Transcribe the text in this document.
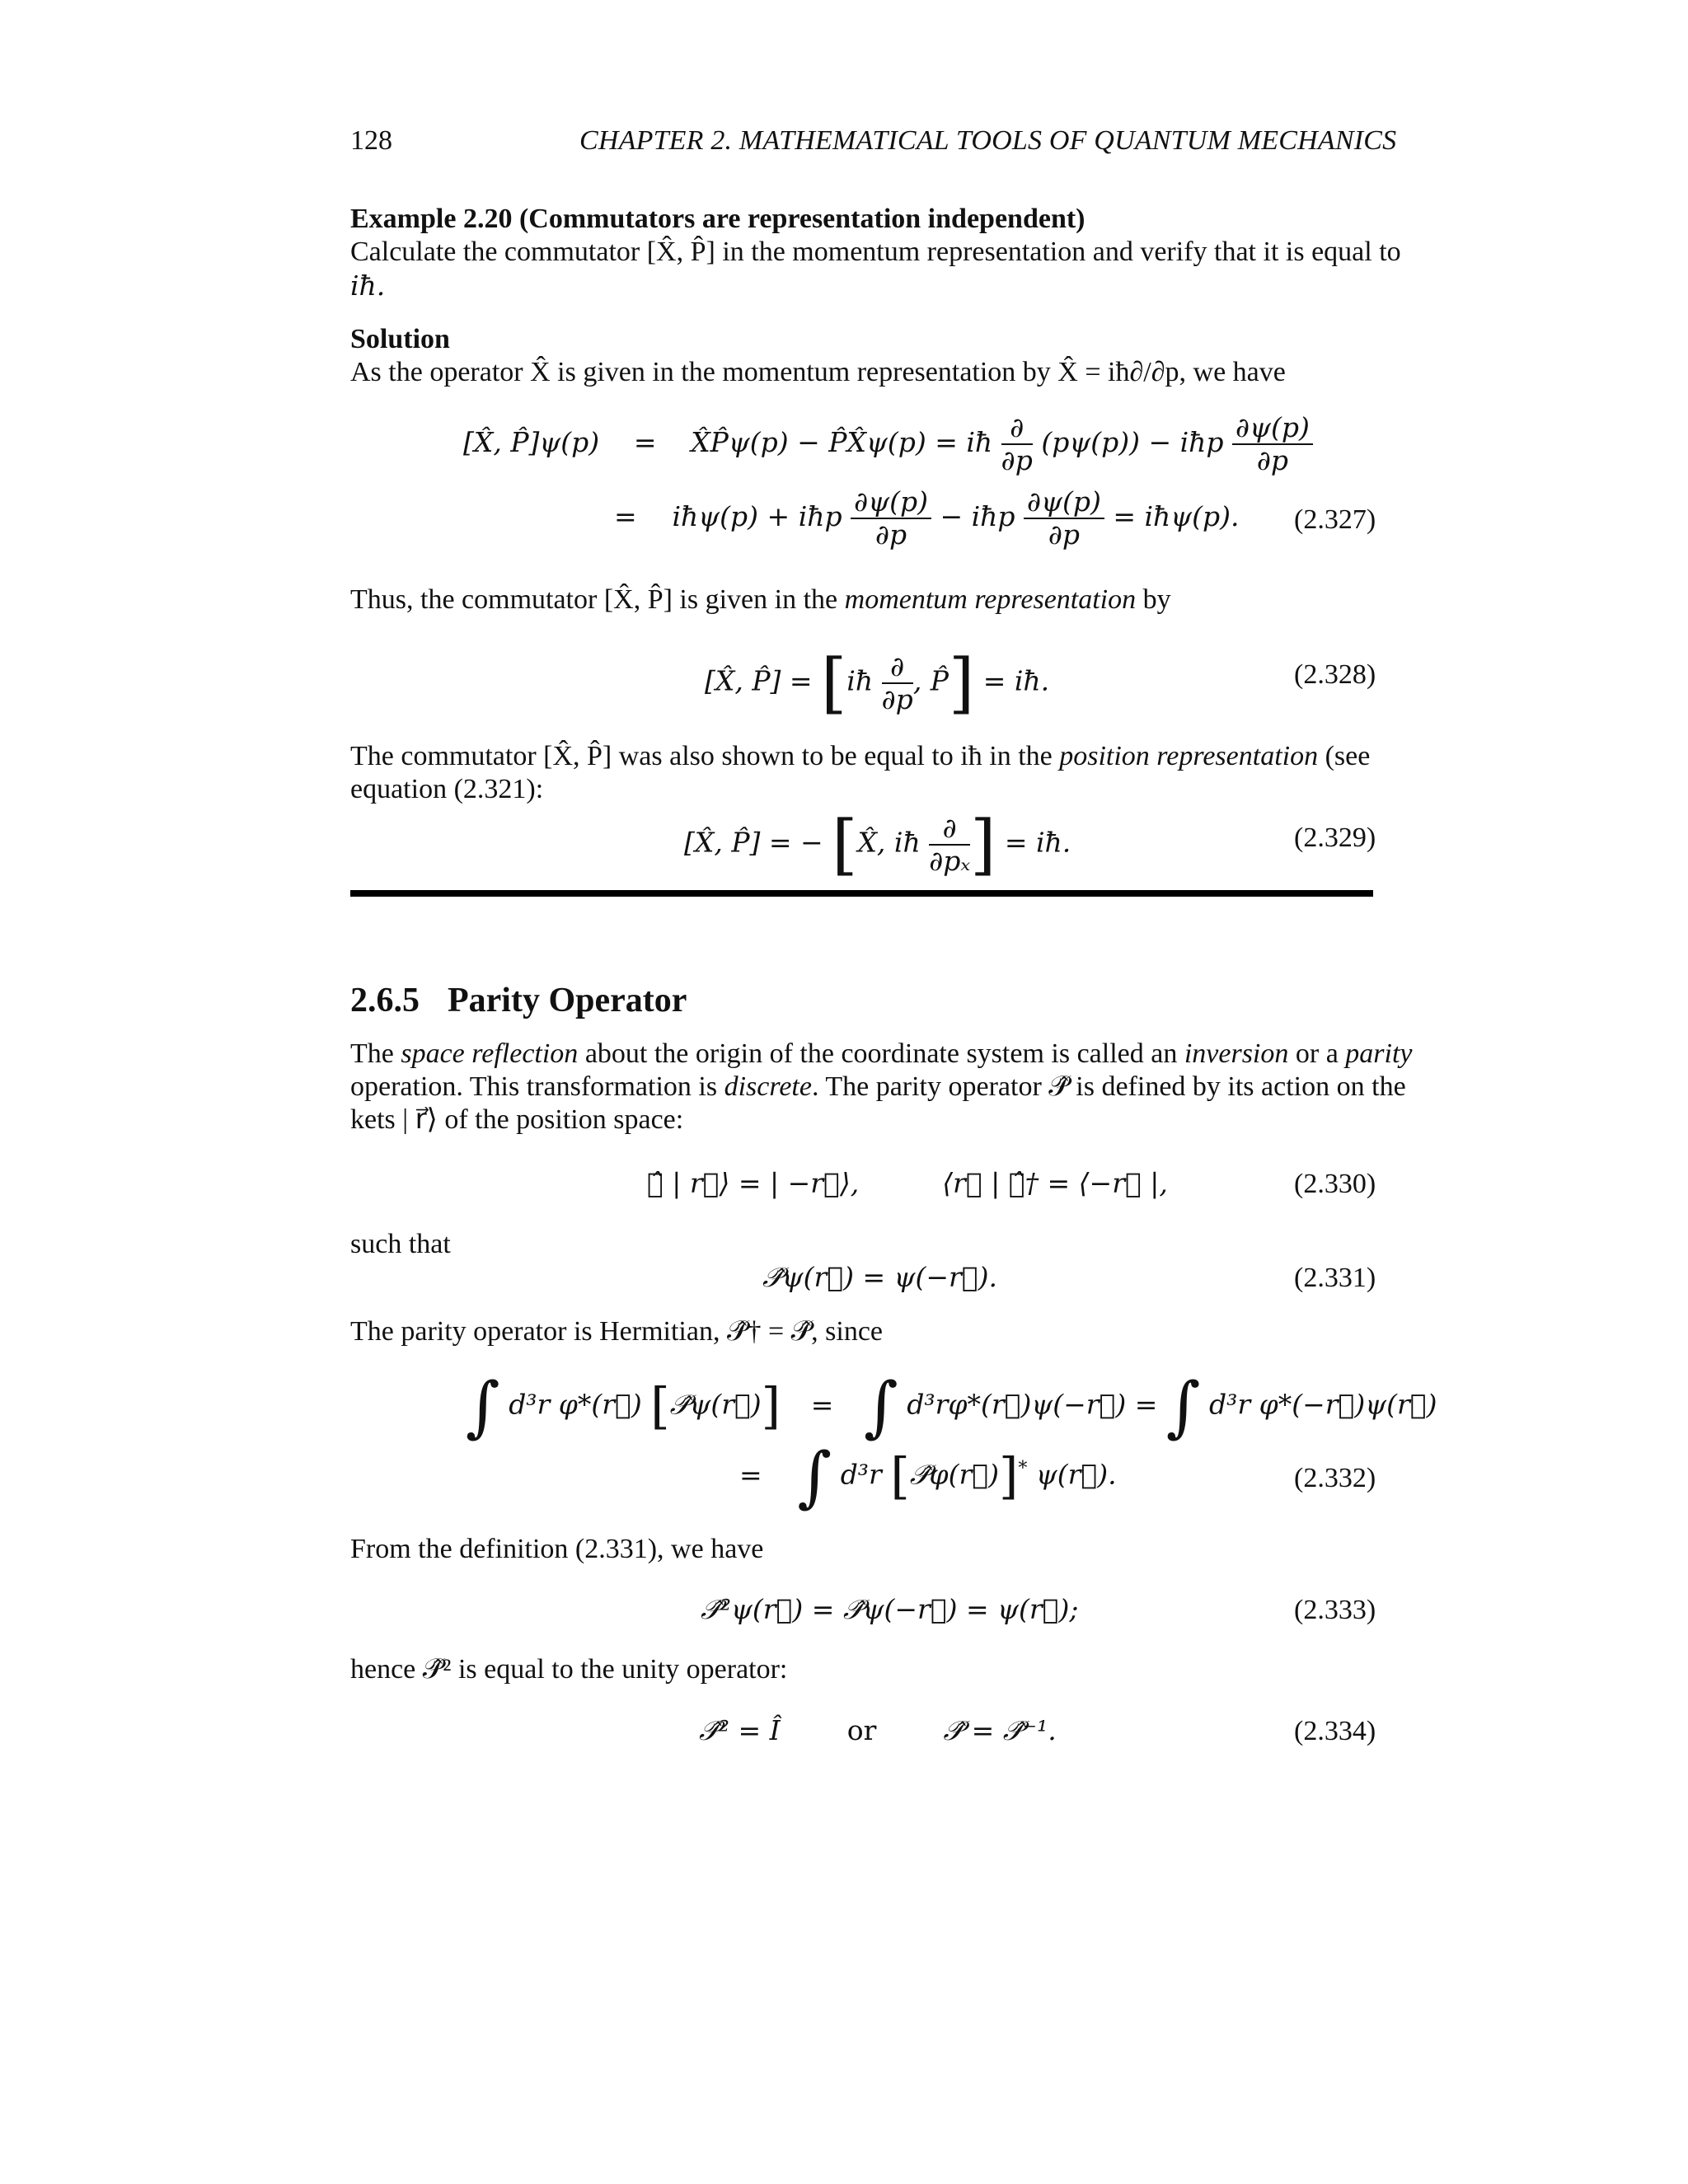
128	CHAPTER 2. MATHEMATICAL TOOLS OF QUANTUM MECHANICS
Example 2.20 (Commutators are representation independent)
Calculate the commutator [X̂, P̂] in the momentum representation and verify that it is equal to
iħ.
Solution
As the operator X̂ is given in the momentum representation by X̂ = iħ∂/∂p, we have
[X̂, P̂]ψ(p) = X̂P̂ψ(p) − P̂X̂ψ(p) = iħ $\frac{\partial}{\partial p} (p\psi(p))$ − iħp $\frac{\partial\psi(p)}{\partial p}$
= iħψ(p) + iħp $\frac{\partial\psi(p)}{\partial p}$ − iħp $\frac{\partial\psi(p)}{\partial p}$ = iħψ(p). (2.327)
Thus, the commutator [X̂, P̂] is given in the momentum representation by
[X̂, P̂] = [iħ $\frac{\partial}{\partial p}$ , P̂] = iħ.	(2.328)
The commutator [X̂, P̂] was also shown to be equal to iħ in the position representation (see
equation (2.321):
[X̂, P̂] = − [X̂, iħ $\frac{\partial}{\text{∂pₓ}}$ ] = iħ.	(2.329)
2.6.5 Parity Operator
The space reflection about the origin of the coordinate system is called an inversion or a parity
operation. This transformation is discrete. The parity operator 𝒫̂ is defined by its action on the
kets | r⃗⟩ of the position space:
𝒫̂ | r⃗⟩ = | −r⃗⟩,	⟨r⃗ | 𝒫̂† = ⟨−r⃗ |,	(2.330)
such that
𝒫̂ψ(r⃗) = ψ(−r⃗).	(2.331)
The parity operator is Hermitian, 𝒫̂† = 𝒫̂, since
∫ d³r φ*(r⃗) [𝒫̂ψ(r⃗)] = ∫ d³rφ*(r⃗)ψ(−r⃗) = ∫ d³r φ*(−r⃗)ψ(r⃗)
= ∫ d³r [𝒫̂φ(r⃗)]* ψ(r⃗).	(2.332)
From the definition (2.331), we have
𝒫̂²ψ(r⃗) = 𝒫̂ψ(−r⃗) = ψ(r⃗);	(2.333)
hence 𝒫̂² is equal to the unity operator:
𝒫̂² = Î or 𝒫̂ = 𝒫̂⁻¹.	(2.334)
